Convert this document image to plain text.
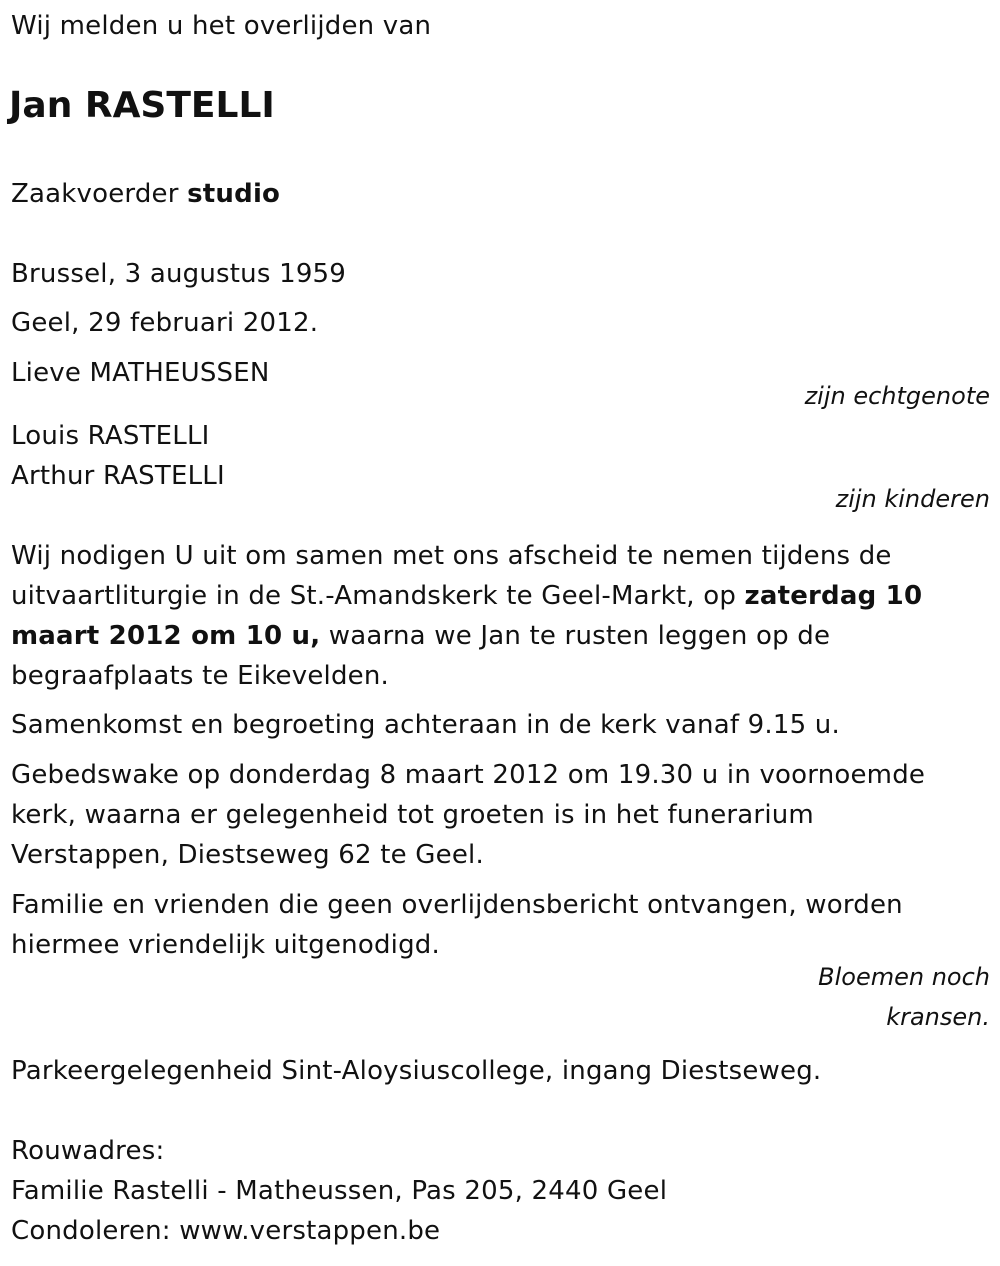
Wij melden u het overlijden van
Jan RASTELLI
Zaakvoerder studio
Brussel, 3 augustus 1959
Geel, 29 februari 2012.
Lieve MATHEUSSEN
zijn echtgenote
Louis RASTELLI
Arthur RASTELLI
zijn kinderen
Wij nodigen U uit om samen met ons afscheid te nemen tijdens de
uitvaartliturgie in de St.-Amandskerk te Geel-Markt, op zaterdag 10
maart 2012 om 10 u, waarna we Jan te rusten leggen op de
begraafplaats te Eikevelden.
Samenkomst en begroeting achteraan in de kerk vanaf 9.15 u.
Gebedswake op donderdag 8 maart 2012 om 19.30 u in voornoemde
kerk, waarna er gelegenheid tot groeten is in het funerarium
Verstappen, Diestseweg 62 te Geel.
Familie en vrienden die geen overlijdensbericht ontvangen, worden
hiermee vriendelijk uitgenodigd.
Bloemen noch
kransen.
Parkeergelegenheid Sint-Aloysiuscollege, ingang Diestseweg.
Rouwadres:
Familie Rastelli - Matheussen, Pas 205, 2440 Geel
Condoleren: www.verstappen.be
